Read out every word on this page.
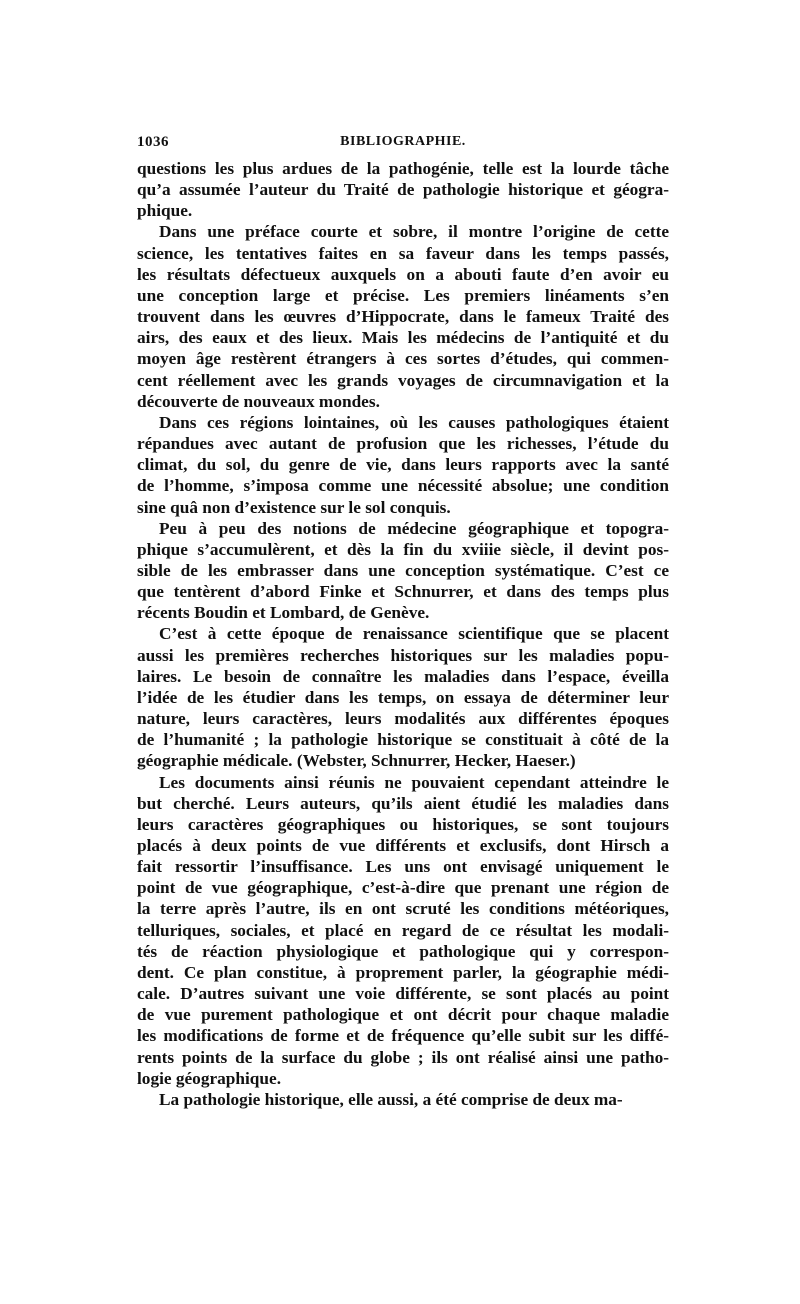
1036	BIBLIOGRAPHIE.
questions les plus ardues de la pathogénie, telle est la lourde tâche
qu’a assumée l’auteur du Traité de pathologie historique et géogra-
phique.
Dans une préface courte et sobre, il montre l’origine de cette
science, les tentatives faites en sa faveur dans les temps passés,
les résultats défectueux auxquels on a abouti faute d’en avoir eu
une conception large et précise. Les premiers linéaments s’en
trouvent dans les œuvres d’Hippocrate, dans le fameux Traité des
airs, des eaux et des lieux. Mais les médecins de l’antiquité et du
moyen âge restèrent étrangers à ces sortes d’études, qui commen-
cent réellement avec les grands voyages de circumnavigation et la
découverte de nouveaux mondes.
Dans ces régions lointaines, où les causes pathologiques étaient
répandues avec autant de profusion que les richesses, l’étude du
climat, du sol, du genre de vie, dans leurs rapports avec la santé
de l’homme, s’imposa comme une nécessité absolue; une condition
sine quâ non d’existence sur le sol conquis.
Peu à peu des notions de médecine géographique et topogra-
phique s’accumulèrent, et dès la fin du xviiie siècle, il devint pos-
sible de les embrasser dans une conception systématique. C’est ce
que tentèrent d’abord Finke et Schnurrer, et dans des temps plus
récents Boudin et Lombard, de Genève.
C’est à cette époque de renaissance scientifique que se placent
aussi les premières recherches historiques sur les maladies popu-
laires. Le besoin de connaître les maladies dans l’espace, éveilla
l’idée de les étudier dans les temps, on essaya de déterminer leur
nature, leurs caractères, leurs modalités aux différentes époques
de l’humanité ; la pathologie historique se constituait à côté de la
géographie médicale. (Webster, Schnurrer, Hecker, Haeser.)
Les documents ainsi réunis ne pouvaient cependant atteindre le
but cherché. Leurs auteurs, qu’ils aient étudié les maladies dans
leurs caractères géographiques ou historiques, se sont toujours
placés à deux points de vue différents et exclusifs, dont Hirsch a
fait ressortir l’insuffisance. Les uns ont envisagé uniquement le
point de vue géographique, c’est-à-dire que prenant une région de
la terre après l’autre, ils en ont scruté les conditions météoriques,
telluriques, sociales, et placé en regard de ce résultat les modali-
tés de réaction physiologique et pathologique qui y correspon-
dent. Ce plan constitue, à proprement parler, la géographie médi-
cale. D’autres suivant une voie différente, se sont placés au point
de vue purement pathologique et ont décrit pour chaque maladie
les modifications de forme et de fréquence qu’elle subit sur les diffé-
rents points de la surface du globe ; ils ont réalisé ainsi une patho-
logie géographique.
La pathologie historique, elle aussi, a été comprise de deux ma-
